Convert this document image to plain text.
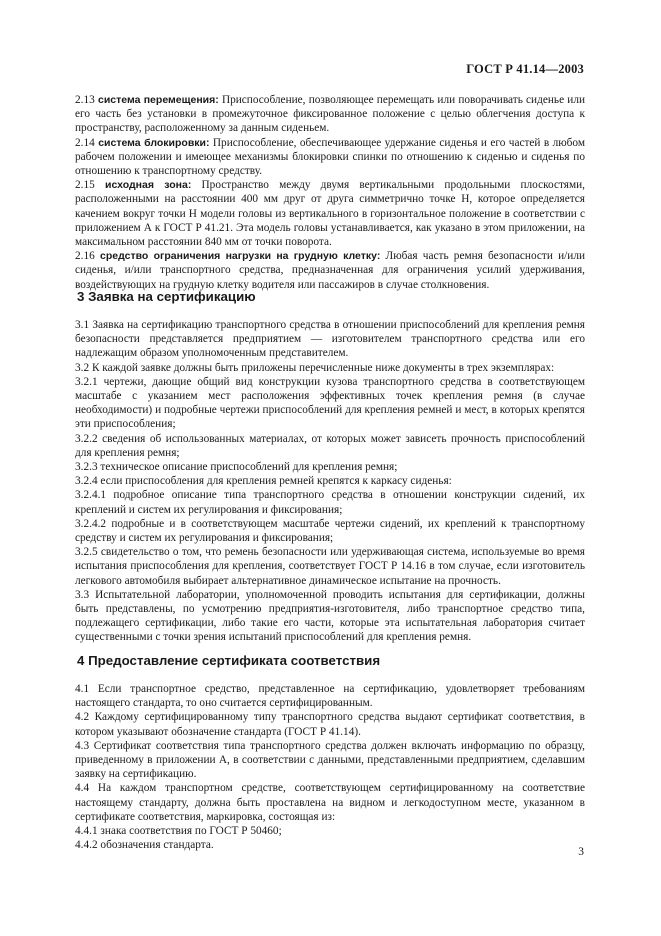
ГОСТ Р 41.14—2003

2.13 система перемещения: Приспособление, позволяющее перемещать или поворачивать сиденье или его часть без установки в промежуточное фиксированное положение с целью облегчения доступа к пространству, расположенному за данным сиденьем.

2.14 система блокировки: Приспособление, обеспечивающее удержание сиденья и его частей в любом рабочем положении и имеющее механизмы блокировки спинки по отношению к сиденью и сиденья по отношению к транспортному средству.

2.15 исходная зона: Пространство между двумя вертикальными продольными плоскостями, расположенными на расстоянии 400 мм друг от друга симметрично точке H, которое определяется качением вокруг точки H модели головы из вертикального в горизонтальное положение в соответствии с приложением А к ГОСТ Р 41.21. Эта модель головы устанавливается, как указано в этом приложении, на максимальном расстоянии 840 мм от точки поворота.

2.16 средство ограничения нагрузки на грудную клетку: Любая часть ремня безопасности и/или сиденья, и/или транспортного средства, предназначенная для ограничения усилий удерживания, воздействующих на грудную клетку водителя или пассажиров в случае столкновения.

3 Заявка на сертификацию

3.1 Заявка на сертификацию транспортного средства в отношении приспособлений для крепления ремня безопасности представляется предприятием — изготовителем транспортного средства или его надлежащим образом уполномоченным представителем.

3.2 К каждой заявке должны быть приложены перечисленные ниже документы в трех экземплярах:

3.2.1 чертежи, дающие общий вид конструкции кузова транспортного средства в соответствующем масштабе с указанием мест расположения эффективных точек крепления ремня (в случае необходимости) и подробные чертежи приспособлений для крепления ремней и мест, в которых крепятся эти приспособления;

3.2.2 сведения об использованных материалах, от которых может зависеть прочность приспособлений для крепления ремня;

3.2.3 техническое описание приспособлений для крепления ремня;

3.2.4 если приспособления для крепления ремней крепятся к каркасу сиденья:

3.2.4.1 подробное описание типа транспортного средства в отношении конструкции сидений, их креплений и систем их регулирования и фиксирования;

3.2.4.2 подробные и в соответствующем масштабе чертежи сидений, их креплений к транспортному средству и систем их регулирования и фиксирования;

3.2.5 свидетельство о том, что ремень безопасности или удерживающая система, используемые во время испытания приспособления для крепления, соответствует ГОСТ Р 14.16 в том случае, если изготовитель легкового автомобиля выбирает альтернативное динамическое испытание на прочность.

3.3 Испытательной лаборатории, уполномоченной проводить испытания для сертификации, должны быть представлены, по усмотрению предприятия-изготовителя, либо транспортное средство типа, подлежащего сертификации, либо такие его части, которые эта испытательная лаборатория считает существенными с точки зрения испытаний приспособлений для крепления ремня.

4 Предоставление сертификата соответствия

4.1 Если транспортное средство, представленное на сертификацию, удовлетворяет требованиям настоящего стандарта, то оно считается сертифицированным.

4.2 Каждому сертифицированному типу транспортного средства выдают сертификат соответствия, в котором указывают обозначение стандарта (ГОСТ Р 41.14).

4.3 Сертификат соответствия типа транспортного средства должен включать информацию по образцу, приведенному в приложении А, в соответствии с данными, представленными предприятием, сделавшим заявку на сертификацию.

4.4 На каждом транспортном средстве, соответствующем сертифицированному на соответствие настоящему стандарту, должна быть проставлена на видном и легкодоступном месте, указанном в сертификате соответствия, маркировка, состоящая из:

4.4.1 знака соответствия по ГОСТ Р 50460;

4.4.2 обозначения стандарта.

3
